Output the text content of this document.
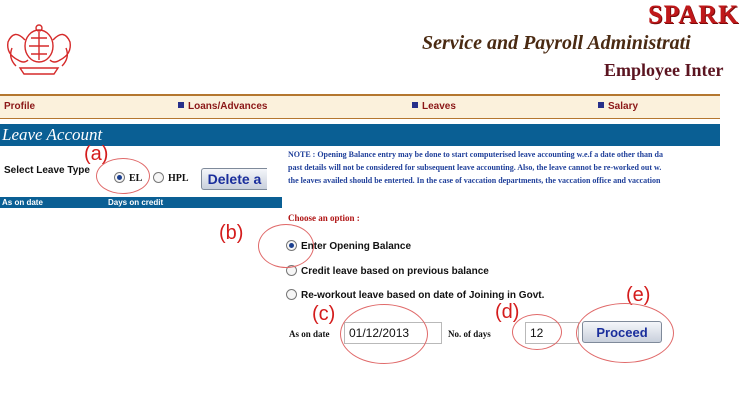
SPARK
Service and Payroll Administrati
Employee Inter
Profile	Loans/Advances	Leaves	Salary
Leave Account
Select Leave Type
EL	HPL	Delete a
As on date	Days on credit
NOTE : Opening Balance entry may be done to start computerised leave accounting w.e.f a date other than da
past details will not be considered for subsequent leave accounting. Also, the leave cannot be re-worked out w.
the leaves availed should be enterted. In the case of vaccation departments, the vaccation office and vaccation
Choose an option :
Enter Opening Balance
Credit leave based on previous balance
Re-workout leave based on date of Joining in Govt.
As on date
01/12/2013	No. of days
12	Proceed
(a)
(b)
(c)	(d)
(e)
